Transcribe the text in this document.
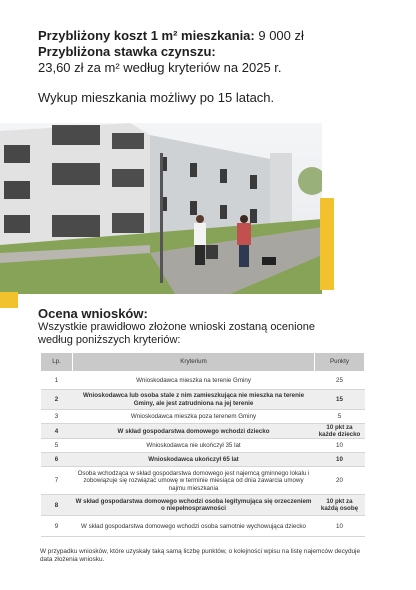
Przybliżony koszt 1 m² mieszkania: 9 000 zł
Przybliżona stawka czynszu:
23,60 zł za m² według kryteriów na 2025 r.
Wykup mieszkania możliwy po 15 latach.
Ocena wniosków:
Wszystkie prawidłowo złożone wnioski zostaną ocenione
według poniższych kryteriów:
Lp.	Kryterium	Punkty
1	Wnioskodawca mieszka na terenie Gminy	25
2	Wnioskodawca lub osoba stale z nim zamieszkująca nie mieszka na terenie Gminy, ale jest zatrudniona na jej terenie	15
3	Wnioskodawca mieszka poza terenem Gminy	5
4	W skład gospodarstwa domowego wchodzi dziecko	10 pkt za każde dziecko
5	Wnioskodawca nie ukończył 35 lat	10
6	Wnioskodawca ukończył 65 lat	10
7	Osoba wchodząca w skład gospodarstwa domowego jest najemcą gminnego lokalu i zobowiązuje się rozwiązać umowę w terminie miesiąca od dnia zawarcia umowy najmu mieszkania	20
8	W skład gospodarstwa domowego wchodzi osoba legitymująca się orzeczeniem o niepełnosprawności	10 pkt za każdą osobę
9	W skład gospodarstwa domowego wchodzi osoba samotnie wychowująca dziecko	10
W przypadku wniosków, które uzyskały taką samą liczbę punktów, o kolejności wpisu na listę najemców decyduje data złożenia wniosku.
